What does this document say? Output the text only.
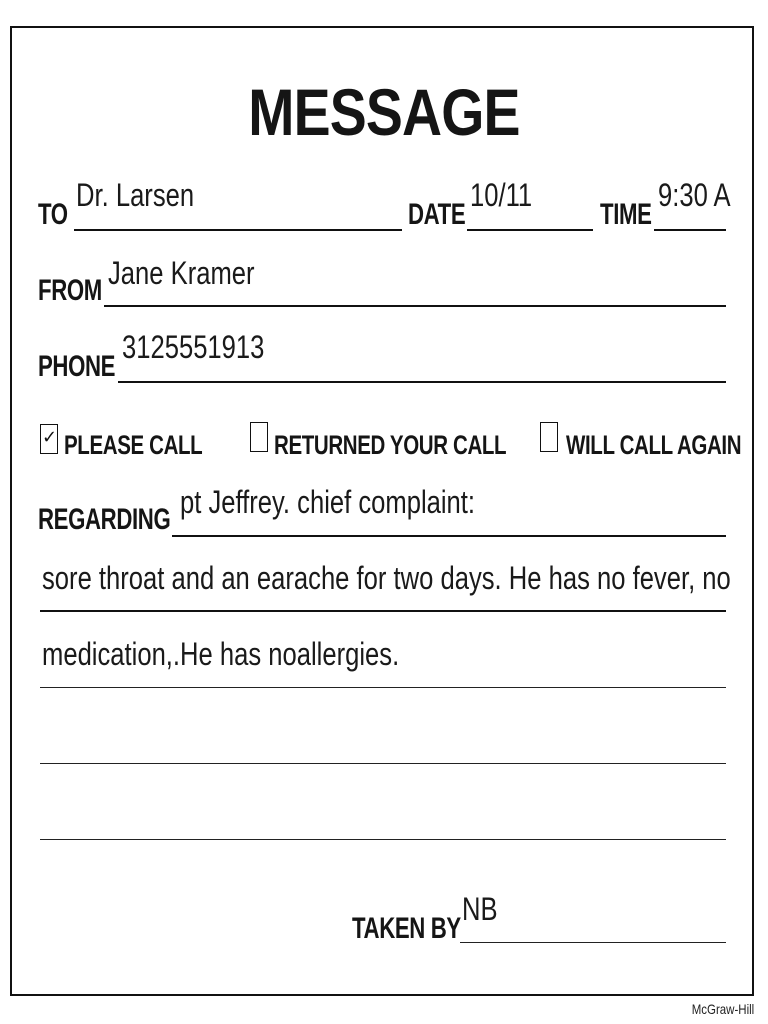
MESSAGE
TO
Dr. Larsen
DATE
10/11
TIME
9:30 A
FROM Jane Kramer
PHONE
3125551913
✓ PLEASE CALL	RETURNED YOUR CALL WILL CALL AGAIN
REGARDING pt Jeffrey. chief complaint:
sore throat and an earache for two days. He has no fever, no
medication,.He has noallergies.
TAKEN BY
NB
McGraw-Hill
